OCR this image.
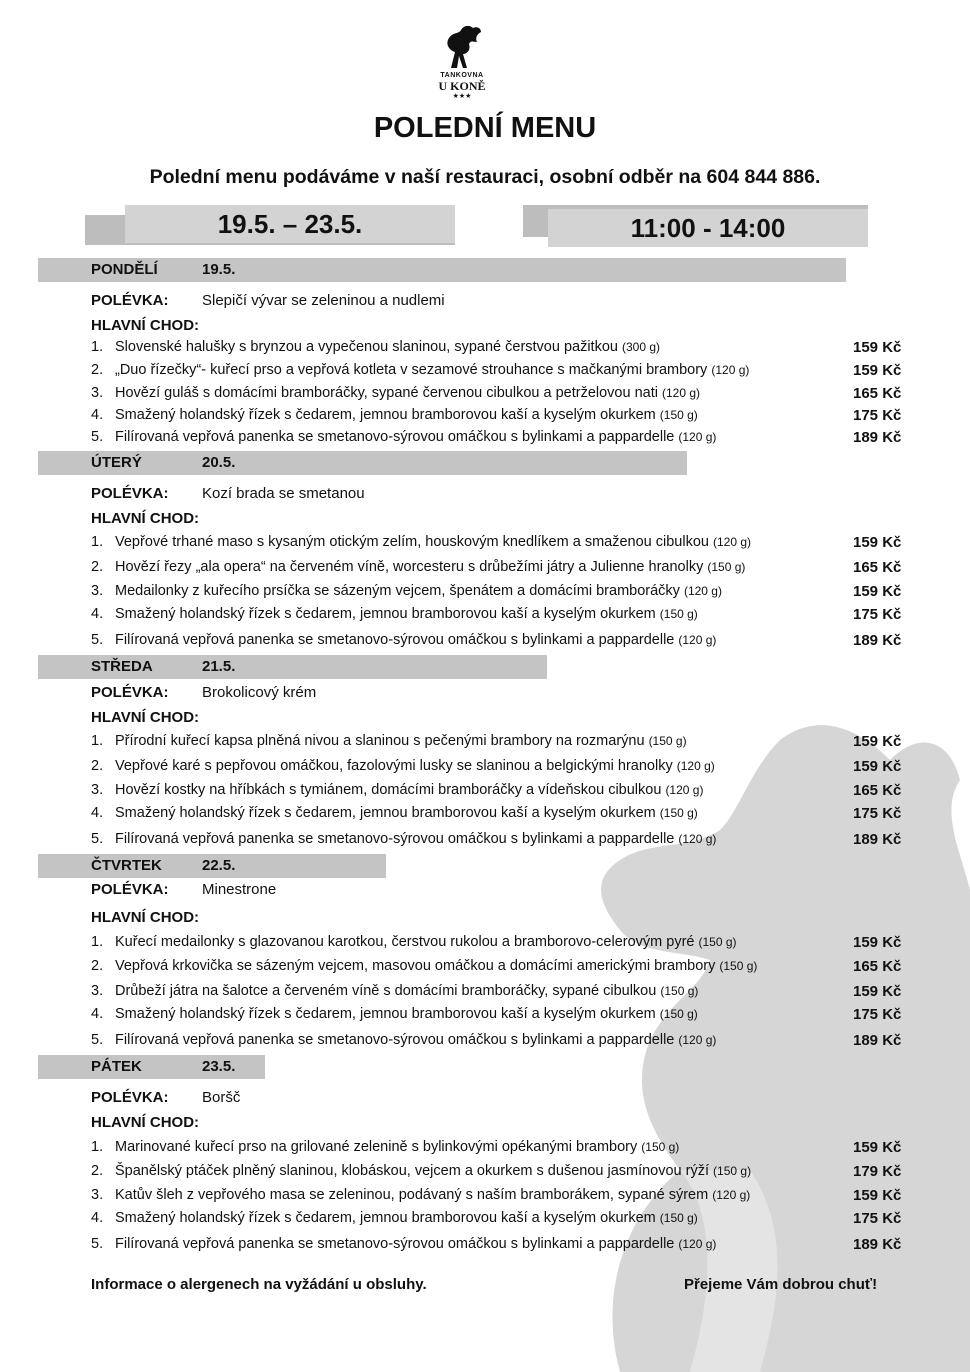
TANKOVNA
U KONĚ
★★★
POLEDNÍ MENU
Polední menu podáváme v naší restauraci, osobní odběr na 604 844 886.
19.5. – 23.5.	11:00 - 14:00
PONDĚLÍ	19.5.
POLÉVKA: Slepičí vývar se zeleninou a nudlemi
HLAVNÍ CHOD:
1. Slovenské halušky s brynzou a vypečenou slaninou, sypané čerstvou pažitkou (300 g)	159 Kč
2. „Duo řízečky“- kuřecí prso a vepřová kotleta v sezamové strouhance s mačkanými brambory (120 g)	159 Kč
3. Hovězí guláš s domácími bramboráčky, sypané červenou cibulkou a petrželovou nati (120 g)	165 Kč
4. Smažený holandský řízek s čedarem, jemnou bramborovou kaší a kyselým okurkem (150 g)	175 Kč
5. Filírovaná vepřová panenka se smetanovo-sýrovou omáčkou s bylinkami a pappardelle (120 g)	189 Kč
ÚTERÝ	20.5.
POLÉVKA: Kozí brada se smetanou
HLAVNÍ CHOD:
1. Vepřové trhané maso s kysaným otickým zelím, houskovým knedlíkem a smaženou cibulkou (120 g)	159 Kč
2. Hovězí řezy „ala opera“ na červeném víně, worcesteru s drůbežími játry a Julienne hranolky (150 g)	165 Kč
3. Medailonky z kuřecího prsíčka se sázeným vejcem, špenátem a domácími bramboráčky (120 g)	159 Kč
4. Smažený holandský řízek s čedarem, jemnou bramborovou kaší a kyselým okurkem (150 g)	175 Kč
5. Filírovaná vepřová panenka se smetanovo-sýrovou omáčkou s bylinkami a pappardelle (120 g)	189 Kč
STŘEDA	21.5.
POLÉVKA: Brokolicový krém
HLAVNÍ CHOD:
1. Přírodní kuřecí kapsa plněná nivou a slaninou s pečenými brambory na rozmarýnu (150 g)	159 Kč
2. Vepřové karé s pepřovou omáčkou, fazolovými lusky se slaninou a belgickými hranolky (120 g)	159 Kč
3. Hovězí kostky na hříbkách s tymiánem, domácími bramboráčky a vídeňskou cibulkou (120 g)	165 Kč
4. Smažený holandský řízek s čedarem, jemnou bramborovou kaší a kyselým okurkem (150 g)	175 Kč
5. Filírovaná vepřová panenka se smetanovo-sýrovou omáčkou s bylinkami a pappardelle (120 g)	189 Kč
ČTVRTEK	22.5.
POLÉVKA: Minestrone
HLAVNÍ CHOD:
1. Kuřecí medailonky s glazovanou karotkou, čerstvou rukolou a bramborovo-celerovým pyré (150 g)	159 Kč
2. Vepřová krkovička se sázeným vejcem, masovou omáčkou a domácími americkými brambory (150 g)	165 Kč
3. Drůbeží játra na šalotce a červeném víně s domácími bramboráčky, sypané cibulkou (150 g)	159 Kč
4. Smažený holandský řízek s čedarem, jemnou bramborovou kaší a kyselým okurkem (150 g)	175 Kč
5. Filírovaná vepřová panenka se smetanovo-sýrovou omáčkou s bylinkami a pappardelle (120 g)	189 Kč
PÁTEK	23.5.
POLÉVKA: Boršč
HLAVNÍ CHOD:
1. Marinované kuřecí prso na grilované zelenině s bylinkovými opékanými brambory (150 g)	159 Kč
2. Španělský ptáček plněný slaninou, klobáskou, vejcem a okurkem s dušenou jasmínovou rýží (150 g)	179 Kč
3. Katův šleh z vepřového masa se zeleninou, podávaný s naším bramborákem, sypané sýrem (120 g)	159 Kč
4. Smažený holandský řízek s čedarem, jemnou bramborovou kaší a kyselým okurkem (150 g)	175 Kč
5. Filírovaná vepřová panenka se smetanovo-sýrovou omáčkou s bylinkami a pappardelle (120 g)	189 Kč
Informace o alergenech na vyžádání u obsluhy.	Přejeme Vám dobrou chuť!
